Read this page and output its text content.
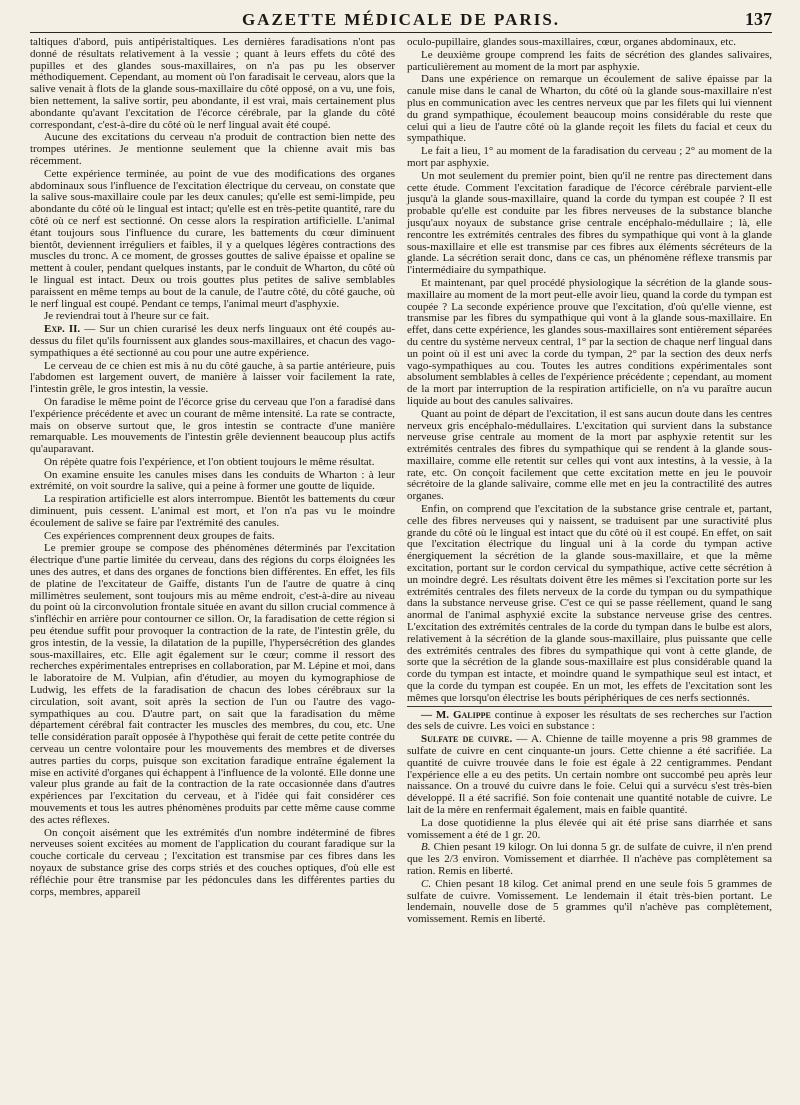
GAZETTE MÉDICALE DE PARIS.	137

taltiques d'abord, puis antipéristaltiques. Les dernières faradisations n'ont pas donné de résultats relativement à la vessie ; quant à leurs effets du côté des pupilles et des glandes sous-maxillaires, on n'a pas pu les observer méthodiquement. Cependant, au moment où l'on faradisait le cerveau, alors que la salive venait à flots de la glande sous-maxillaire du côté opposé, on a vu, une fois, bien nettement, la salive sortir, peu abondante, il est vrai, mais certainement plus abondante qu'avant l'excitation de l'écorce cérébrale, par la glande du côté correspondant, c'est-à-dire du côté où le nerf lingual avait été coupé.

Aucune des excitations du cerveau n'a produit de contraction bien nette des trompes utérines. Je mentionne seulement que la chienne avait mis bas récemment.

Cette expérience terminée, au point de vue des modifications des organes abdominaux sous l'influence de l'excitation électrique du cerveau, on constate que la salive sous-maxillaire coule par les deux canules; qu'elle est semi-limpide, peu abondante du côté où le lingual est intact; qu'elle est en très-petite quantité, rare du côté où ce nerf est sectionné. On cesse alors la respiration artificielle. L'animal étant toujours sous l'influence du curare, les battements du cœur diminuent bientôt, deviennent irréguliers et faibles, il y a quelques légères contractions des muscles du tronc. A ce moment, de grosses gouttes de salive épaisse et opaline se mettent à couler, pendant quelques instants, par le conduit de Wharton, du côté où le lingual est intact. Deux ou trois gouttes plus petites de salive semblables paraissent en même temps au bout de la canule, de l'autre côté, du côté gauche, où le nerf lingual est coupé. Pendant ce temps, l'animal meurt d'asphyxie.

Je reviendrai tout à l'heure sur ce fait.

Exp. II. — Sur un chien curarisé les deux nerfs linguaux ont été coupés au-dessus du filet qu'ils fournissent aux glandes sous-maxillaires, et chacun des vago-sympathiques a été sectionné au cou pour une autre expérience.

Le cerveau de ce chien est mis à nu du côté gauche, à sa partie antérieure, puis l'abdomen est largement ouvert, de manière à laisser voir facilement la rate, l'intestin grêle, le gros intestin, la vessie.

On faradise le même point de l'écorce grise du cerveau que l'on a faradisé dans l'expérience précédente et avec un courant de même intensité. La rate se contracte, mais on observe surtout que, le gros intestin se contracte d'une manière remarquable. Les mouvements de l'intestin grêle deviennent beaucoup plus actifs qu'auparavant.

On répète quatre fois l'expérience, et l'on obtient toujours le même résultat.

On examine ensuite les canules mises dans les conduits de Wharton : à leur extrémité, on voit sourdre la salive, qui a peine à former une goutte de liquide.

La respiration artificielle est alors interrompue. Bientôt les battements du cœur diminuent, puis cessent. L'animal est mort, et l'on n'a pas vu le moindre écoulement de salive se faire par l'extrémité des canules.

Ces expériences comprennent deux groupes de faits.

Le premier groupe se compose des phénomènes déterminés par l'excitation électrique d'une partie limitée du cerveau, dans des régions du corps éloignées les unes des autres, et dans des organes de fonctions bien différentes. En effet, les fils de platine de l'excitateur de Gaiffe, distants l'un de l'autre de quatre à cinq millimètres seulement, sont toujours mis au même endroit, c'est-à-dire au niveau du point où la circonvolution frontale située en avant du sillon crucial commence à s'infléchir en arrière pour contourner ce sillon. Or, la faradisation de cette région si peu étendue suffit pour provoquer la contraction de la rate, de l'intestin grêle, du gros intestin, de la vessie, la dilatation de la pupille, l'hypersécrétion des glandes sous-maxillaires, etc. Elle agit également sur le cœur; comme il ressort des recherches expérimentales entreprises en collaboration, par M. Lépine et moi, dans le laboratoire de M. Vulpian, afin d'étudier, au moyen du kymographiose de Ludwig, les effets de la faradisation de chacun des lobes cérébraux sur la circulation, soit avant, soit après la section de l'un ou l'autre des vago-sympathiques au cou. D'autre part, on sait que la faradisation du même département cérébral fait contracter les muscles des membres, du cou, etc. Une telle considération paraît opposée à l'hypothèse qui ferait de cette petite contrée du cerveau un centre volontaire pour les mouvements des membres et de diverses autres parties du corps, puisque son excitation faradique entraîne également la mise en activité d'organes qui échappent à l'influence de la volonté. Elle donne une valeur plus grande au fait de la contraction de la rate occasionnée dans d'autres expériences par l'excitation du cerveau, et à l'idée qui fait considérer ces mouvements et tous les autres phénomènes produits par cette même cause comme des actes réflexes.

On conçoit aisément que les extrémités d'un nombre indéterminé de fibres nerveuses soient excitées au moment de l'application du courant faradique sur la couche corticale du cerveau ; l'excitation est transmise par ces fibres dans les noyaux de substance grise des corps striés et des couches optiques, d'où elle est réfléchie pour être transmise par les pédoncules dans les différentes parties du corps, membres, appareil

oculo-pupillaire, glandes sous-maxillaires, cœur, organes abdominaux, etc.

Le deuxième groupe comprend les faits de sécrétion des glandes salivaires, particulièrement au moment de la mort par asphyxie.

Dans une expérience on remarque un écoulement de salive épaisse par la canule mise dans le canal de Wharton, du côté où la glande sous-maxillaire n'est plus en communication avec les centres nerveux que par les filets qui lui viennent du grand sympathique, écoulement beaucoup moins considérable du reste que celui qui a lieu de l'autre côté où la glande reçoit les filets du facial et ceux du sympathique.

Le fait a lieu, 1° au moment de la faradisation du cerveau ; 2° au moment de la mort par asphyxie.

Un mot seulement du premier point, bien qu'il ne rentre pas directement dans cette étude. Comment l'excitation faradique de l'écorce cérébrale parvient-elle jusqu'à la glande sous-maxillaire, quand la corde du tympan est coupée ? Il est probable qu'elle est conduite par les fibres nerveuses de la substance blanche jusqu'aux noyaux de substance grise centrale encéphalo-médullaire ; là, elle rencontre les extrémités centrales des fibres du sympathique qui vont à la glande sous-maxillaire et elle est transmise par ces fibres aux éléments sécréteurs de la glande. La sécrétion serait donc, dans ce cas, un phénomène réflexe transmis par l'intermédiaire du sympathique.

Et maintenant, par quel procédé physiologique la sécrétion de la glande sous-maxillaire au moment de la mort peut-elle avoir lieu, quand la corde du tympan est coupée ? La seconde expérience prouve que l'excitation, d'où qu'elle vienne, est transmise par les fibres du sympathique qui vont à la glande sous-maxillaire. En effet, dans cette expérience, les glandes sous-maxillaires sont entièrement séparées du centre du système nerveux central, 1° par la section de chaque nerf lingual dans un point où il est uni avec la corde du tympan, 2° par la section des deux nerfs vago-sympathiques au cou. Toutes les autres conditions expérimentales sont absolument semblables à celles de l'expérience précédente ; cependant, au moment de la mort par interruption de la respiration artificielle, on n'a vu paraître aucun liquide au bout des canules salivaires.

Quant au point de départ de l'excitation, il est sans aucun doute dans les centres nerveux gris encéphalo-médullaires. L'excitation qui survient dans la substance nerveuse grise centrale au moment de la mort par asphyxie retentit sur les extrémités centrales des fibres du sympathique qui se rendent à la glande sous-maxillaire, comme elle retentit sur celles qui vont aux intestins, à la vessie, à la rate, etc. On conçoit facilement que cette excitation mette en jeu le pouvoir sécrétoire de la glande salivaire, comme elle met en jeu la contractilité des autres organes.

Enfin, on comprend que l'excitation de la substance grise centrale et, partant, celle des fibres nerveuses qui y naissent, se traduisent par une suractivité plus grande du côté où le lingual est intact que du côté où il est coupé. En effet, on sait que l'excitation électrique du lingual uni à la corde du tympan active énergiquement la sécrétion de la glande sous-maxillaire, et que la même excitation, portant sur le cordon cervical du sympathique, active cette sécrétion à un moindre degré. Les résultats doivent être les mêmes si l'excitation porte sur les extrémités centrales des filets nerveux de la corde du tympan ou du sympathique dans la substance nerveuse grise. C'est ce qui se passe réellement, quand le sang anormal de l'animal asphyxié excite la substance nerveuse grise des centres. L'excitation des extrémités centrales de la corde du tympan dans le bulbe est alors, relativement à la sécrétion de la glande sous-maxillaire, plus puissante que celle des extrémités centrales des fibres du sympathique qui vont à cette glande, de sorte que la sécrétion de la glande sous-maxillaire est plus considérable quand la corde du tympan est intacte, et moindre quand le sympathique seul est intact, et que la corde du tympan est coupée. En un mot, les effets de l'excitation sont les mêmes que lorsqu'on électrise les bouts périphériques de ces nerfs sectionnés.

— M. Galippe continue à exposer les résultats de ses recherches sur l'action des sels de cuivre. Les voici en substance :

Sulfate de cuivre. — A. Chienne de taille moyenne a pris 98 grammes de sulfate de cuivre en cent cinquante-un jours. Cette chienne a été sacrifiée. La quantité de cuivre trouvée dans le foie est égale à 22 centigrammes. Pendant l'expérience elle a eu des petits. Un certain nombre ont succombé peu après leur naissance. On a trouvé du cuivre dans le foie. Celui qui a survécu s'est très-bien développé. Il a été sacrifié. Son foie contenait une quantité notable de cuivre. Le lait de la mère en renfermait également, mais en faible quantité.

La dose quotidienne la plus élevée qui ait été prise sans diarrhée et sans vomissement a été de 1 gr. 20.

B. Chien pesant 19 kilogr. On lui donna 5 gr. de sulfate de cuivre, il n'en prend que les 2/3 environ. Vomissement et diarrhée. Il n'achève pas complètement sa ration. Remis en liberté.

C. Chien pesant 18 kilog. Cet animal prend en une seule fois 5 grammes de sulfate de cuivre. Vomissement. Le lendemain il était très-bien portant. Le lendemain, nouvelle dose de 5 grammes qu'il n'achève pas complètement, vomissement. Remis en liberté.
